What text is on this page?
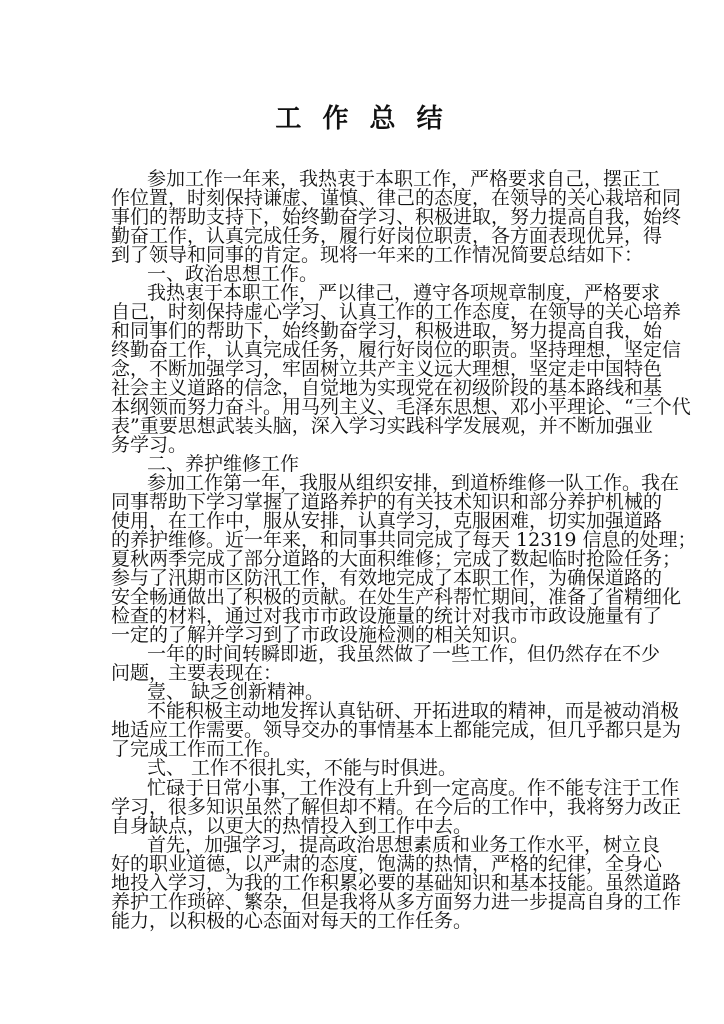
工 作 总 结
参加工作一年来，我热衷于本职工作，严格要求自己，摆正工
作位置，时刻保持谦虚、谨慎、律己的态度，在领导的关心栽培和同
事们的帮助支持下，始终勤奋学习、积极进取，努力提高自我，始终
勤奋工作，认真完成任务，履行好岗位职责，各方面表现优异，得
到了领导和同事的肯定。现将一年来的工作情况简要总结如下：
一、政治思想工作。
我热衷于本职工作，严以律己，遵守各项规章制度，严格要求
自己，时刻保持虚心学习、认真工作的工作态度，在领导的关心培养
和同事们的帮助下，始终勤奋学习，积极进取，努力提高自我，始
终勤奋工作，认真完成任务，履行好岗位的职责。坚持理想，坚定信
念，不断加强学习，牢固树立共产主义远大理想，坚定走中国特色
社会主义道路的信念，自觉地为实现党在初级阶段的基本路线和基
本纲领而努力奋斗。用马列主义、毛泽东思想、邓小平理论、“三个代
表”重要思想武装头脑，深入学习实践科学发展观，并不断加强业
务学习。
二、养护维修工作
参加工作第一年，我服从组织安排，到道桥维修一队工作。我在
同事帮助下学习掌握了道路养护的有关技术知识和部分养护机械的
使用，在工作中，服从安排，认真学习，克服困难，切实加强道路
的养护维修。近一年来，和同事共同完成了每天 12319 信息的处理；
夏秋两季完成了部分道路的大面积维修；完成了数起临时抢险任务；
参与了汛期市区防汛工作，有效地完成了本职工作，为确保道路的
安全畅通做出了积极的贡献。在处生产科帮忙期间，准备了省精细化
检查的材料，通过对我市市政设施量的统计对我市市政设施量有了
一定的了解并学习到了市政设施检测的相关知识。
一年的时间转瞬即逝，我虽然做了一些工作，但仍然存在不少
问题，主要表现在：
壹、 缺乏创新精神。
不能积极主动地发挥认真钻研、开拓进取的精神，而是被动消极
地适应工作需要。领导交办的事情基本上都能完成，但几乎都只是为
了完成工作而工作。
弍、 工作不很扎实，不能与时俱进。
忙碌于日常小事，工作没有上升到一定高度。作不能专注于工作
学习，很多知识虽然了解但却不精。在今后的工作中，我将努力改正
自身缺点，以更大的热情投入到工作中去。
首先，加强学习，提高政治思想素质和业务工作水平，树立良
好的职业道德，以严肃的态度，饱满的热情，严格的纪律，全身心
地投入学习，为我的工作积累必要的基础知识和基本技能。虽然道路
养护工作琐碎、繁杂，但是我将从多方面努力进一步提高自身的工作
能力，以积极的心态面对每天的工作任务。
